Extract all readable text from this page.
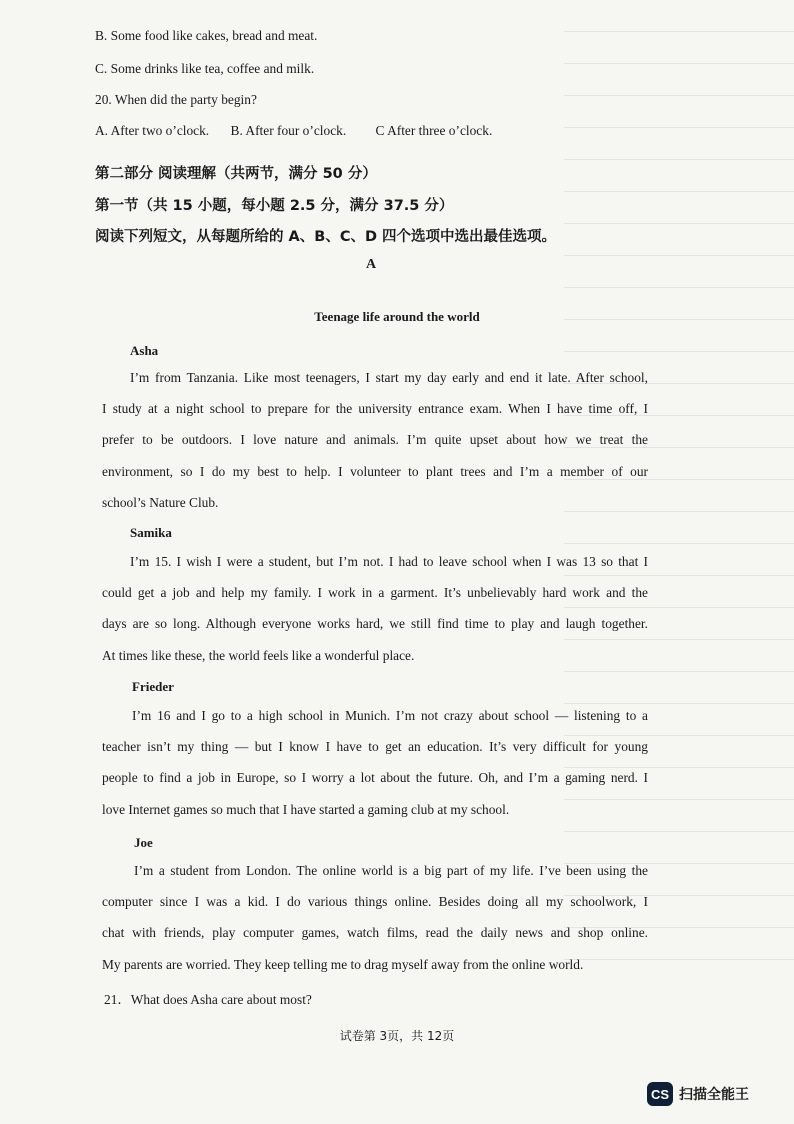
B. Some food like cakes, bread and meat.
C. Some drinks like tea, coffee and milk.
20. When did the party begin?
A. After two o’clock. B. After four o’clock. C After three o’clock.
第二部分 阅读理解（共两节，满分 50 分）
第一节（共 15 小题，每小题 2.5 分，满分 37.5 分）
阅读下列短文，从每题所给的 A、B、C、D 四个选项中选出最佳选项。
A
Teenage life around the world
Asha
I’m from Tanzania. Like most teenagers, I start my day early and end it late. After school,
I study at a night school to prepare for the university entrance exam. When I have time off, I
prefer to be outdoors. I love nature and animals. I’m quite upset about how we treat the
environment, so I do my best to help. I volunteer to plant trees and I’m a member of our
school’s Nature Club.
Samika
I’m 15. I wish I were a student, but I’m not. I had to leave school when I was 13 so that I
could get a job and help my family. I work in a garment. It’s unbelievably hard work and the
days are so long. Although everyone works hard, we still find time to play and laugh together.
At times like these, the world feels like a wonderful place.
Frieder
I’m 16 and I go to a high school in Munich. I’m not crazy about school — listening to a
teacher isn’t my thing — but I know I have to get an education. It’s very difficult for young
people to find a job in Europe, so I worry a lot about the future. Oh, and I’m a gaming nerd. I
love Internet games so much that I have started a gaming club at my school.
Joe
I’m a student from London. The online world is a big part of my life. I’ve been using the
computer since I was a kid. I do various things online. Besides doing all my schoolwork, I
chat with friends, play computer games, watch films, read the daily news and shop online.
My parents are worried. They keep telling me to drag myself away from the online world.
21．What does Asha care about most?
试卷第 3页，共 12页
CS 扫描全能王
